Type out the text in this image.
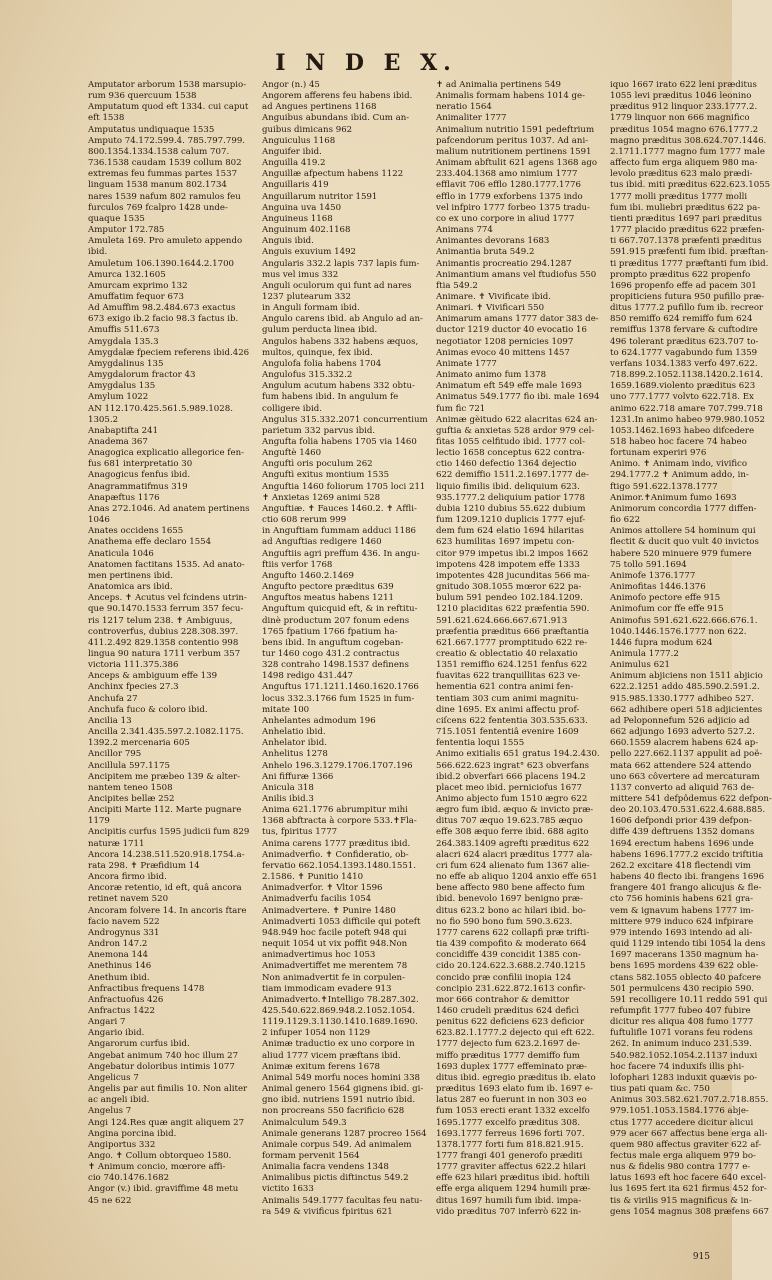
I N D E X.
Amputator arborum 1538 marsupio-
rum 936 quercuum 1538
Amputatum quod eft 1334. cui caput
eft 1538
Amputatus undiquaque 1535
Amputo 74.172.599.4. 785.797.799.
800.1354.1334.1538 calum 707.
736.1538 caudam 1539 collum 802
extremas feu fummas partes 1537
linguam 1538 manum 802.1734
nares 1539 nafum 802 ramulos feu
furculos 769 fcalpro 1428 unde-
quaque 1535
Amputor 172.785
Amuleta 169. Pro amuleto appendo
ibid.
Amuletum 106.1390.1644.2.1700
Amurca 132.1605
Amurcam exprimo 132
Amuffatim fequor 673
Ad Amuffim 98.2.484.673 exactus
673 exigo ib.2 facio 98.3 factus ib.
Amuffis 511.673
Amygdala 135.3
Amygdalæ fpeciem referens ibid.426
Amygdalinus 135
Amygdalorum fractor 43
Amygdalus 135
Amylum 1022
AN 112.170.425.561.5.989.1028.
1305.2
Anabaptifta 241
Anadema 367
Anagogica explicatio allegorice fen-
fus 681 interpretatio 30
Anagogicus fenfus ibid.
Anagrammatifmus 319
Anapæftus 1176
Anas 272.1046. Ad anatem pertinens
1046
Anates occidens 1655
Anathema effe declaro 1554
Anaticula 1046
Anatomen factitans 1535. Ad anato-
men pertinens ibid.
Anatomica ars ibid.
Anceps. ✝ Acutus vel fcindens utrin-
que 90.1470.1533 ferrum 357 fecu-
ris 1217 telum 238. ✝ Ambiguus,
controverfus, dubius 228.308.397.
411.2.492 829.1358 contentio 998
lingua 90 natura 1711 verbum 357
victoria 111.375.386
Anceps & ambiguum effe 139
Anchinx fpecies 27.3
Anchufa 27
Anchufa fuco & coloro ibid.
Ancilia 13
Ancilla 2.341.435.597.2.1082.1175.
1392.2 mercenaria 605
Ancillor 795
Ancillula 597.1175
Ancipitem me præbeo 139 & alter-
nantem teneo 1508
Ancipites bellæ 252
Ancipiti Marte 112. Marte pugnare
1179
Ancipitis curfus 1595 judicii fum 829
naturæ 1711
Ancora 14.238.511.520.918.1754.a-
rata 298. ✝ Præfidium 14
Ancora firmo ibid.
Ancoræ retentio, id eft, quâ ancora
retinet navem 520
Ancoram folvere 14. In ancoris ftare
facio navem 522
Androgynus 331
Andron 147.2
Anemona 144
Anethinus 146
Anethum ibid.
Anfractibus frequens 1478
Anfractuofus 426
Anfractus 1422
Angari 7
Angario ibid.
Angarorum curfus ibid.
Angebat animum 740 hoc illum 27
Angebatur doloribus intimis 1077
Angelicus 7
Angelis par aut fimilis 10. Non aliter
ac angeli ibid.
Angelus 7
Angi 124.Res quæ angit aliquem 27
Angina porcina ibid.
Angiportus 332
Ango. ✝ Collum obtorqueo 1580.
✝ Animum concio, mœrore affi-
cio 740.1476.1682
Angor (v.) ibid. graviffime 48 metu
45 ne 622
Angor (n.) 45
Angorem afferens feu habens ibid.
ad Angues pertinens 1168
Anguibus abundans ibid. Cum an-
guibus dimicans 962
Anguiculus 1168
Anguifer ibid.
Anguilla 419.2
Anguillæ afpectum habens 1122
Anguillaris 419
Anguillarum nutritor 1591
Anguina uva 1450
Anguineus 1168
Anguinum 402.1168
Anguis ibid.
Anguis exuvium 1492
Angularis 332.2 lapis 737 lapis fum-
mus vel imus 332
Anguli oculorum qui funt ad nares
1237 plutearum 332
in Anguli formam ibid.
Angulo carens ibid. ab Angulo ad an-
gulum perducta linea ibid.
Angulos habens 332 habens æquos,
multos, quinque, fex ibid.
Angulofa folia habens 1704
Angulofus 315.332.2
Angulum acutum habens 332 obtu-
fum habens ibid. In angulum fe
colligere ibid.
Angulus 315.332.2071 concurrentium
parietum 332 parvus ibid.
Angufta folia habens 1705 via 1460
Anguftè 1460
Anguftì oris poculum 262
Anguftì exitus montium 1535
Anguftia 1460 foliorum 1705 loci 211
✝ Anxietas 1269 animi 528
Anguftiæ. ✝ Fauces 1460.2. ✝ Affli-
ctio 608 rerum 999
in Anguftiam fummam adduci 1186
ad Anguftias redigere 1460
Anguftiis agri preffum 436. In angu-
ftiis verfor 1768
Angufto 1460.2.1469
Angufto pectore præditus 639
Anguftos meatus habens 1211
Anguftum quicquid eft, & in reftitu-
dinè productum 207 fonum edens
1765 fpatium 1766 fpatium ha-
bens ibid. In anguftum cogeban-
tur 1460 cogo 431.2 contractus
328 contraho 1498.1537 definens
1498 redigo 431.447
Anguftus 171.1211.1460.1620.1766
locus 332.3.1766 fum 1525 in fum-
mitate 100
Anhelantes admodum 196
Anhelatio ibid.
Anhelator ibid.
Anhelitus 1278
Anhelo 196.3.1279.1706.1707.196
Ani fiffuræ 1366
Anicula 318
Anilis ibid.3
Anima 621.1776 abrumpitur mihi
1368 abftracta à corpore 533.✝Fla-
tus, fpiritus 1777
Anima carens 1777 præditus ibid.
Animadverfio. ✝ Confideratio, ob-
fervatio 662.1054.1393.1480.1551.
2.1586. ✝ Punitio 1410
Animadverfor. ✝ Vltor 1596
Animadverfu facilis 1054
Animadvertere. ✝ Punire 1480
Animadverti 1053 difficile qui poteft
948.949 hoc facile poteft 948 qui
nequit 1054 ut vix poffit 948.Non
animadvertimus hoc 1053
Animadvertiffet me merentem 78
Non animadvertit fe in corpulen-
tiam immodicam evadere 913
Animadverto.✝Intelligo 78.287.302.
425.540.622.869.948.2.1052.1054.
1119.1129.3.1130.1410.1689.1690.
2 infuper 1054 non 1129
Animæ traductio ex uno corpore in
aliud 1777 vicem præftans ibid.
Animæ exitum ferens 1678
Animal 549 morfu noces homini 338
Animal genero 1564 gignens ibid. gi-
gno ibid. nutriens 1591 nutrio ibid.
non procreans 550 facrificio 628
Animalculum 549.3
Animale generans 1287 procreo 1564
Animale corpus 549. Ad animalem
formam pervenit 1564
Animalia facra vendens 1348
Animalibus pictis diftinctus 549.2
victito 1633
Animalis 549.1777 facultas feu natu-
ra 549 & vivificus fpiritus 621
✝ ad Animalia pertinens 549
Animalis formam habens 1014 ge-
neratio 1564
Animaliter 1777
Animalium nutritio 1591 pedeftrium
pafcendorum peritus 1037. Ad ani-
malium nutritionem pertinens 1591
Animam abftulit 621 agens 1368 ago
233.404.1368 amo nimium 1777
efflavit 706 efflo 1280.1777.1776
efflo in 1779 exforbens 1375 indo
vel infpiro 1777 forbeo 1375 tradu-
co ex uno corpore in aliud 1777
Animans 774
Animantes devorans 1683
Animantia bruta 549.2
Animantis procreatio 294.1287
Animantium amans vel ftudiofus 550
ftia 549.2
Animare. ✝ Vivificate ibid.
Animari. ✝ Vivificari 550
Animarum amans 1777 dator 383 de-
ductor 1219 ductor 40 evocatio 16
negotiator 1208 pernicies 1097
Animas evoco 40 mittens 1457
Animate 1777
Animato animo fum 1378
Animatum eft 549 effe male 1693
Animatus 549.1777 fio ibi. male 1694
fum fic 721
Animæ gèitudo 622 alacritas 624 an-
guftia & anxietas 528 ardor 979 cel-
fitas 1055 celfitudo ibid. 1777 col-
lectio 1658 conceptus 622 contra-
ctio 1460 defectio 1364 dejectio
622 demiffio 1511.2.1697.1777 de-
liquio fimilis ibid. deliquium 623.
935.1777.2 deliquium patior 1778
dubia 1210 dubius 55.622 dubium
fum 1209.1210 duplicis 1777 ejuf-
dem fum 624 elatio 1694 hilaritas
623 humilitas 1697 impetu con-
citor 979 impetus ibi.2 impos 1662
impotens 428 impotem effe 1333
impotentes 428 jucunditas 566 ma-
gnitudo 308.1055 mœror 622 pa-
bulum 591 pendeo 102.184.1209.
1210 placiditas 622 præfentia 590.
591.621.624.666.667.671.913
præfentia præditus 666 præftantia
621.667.1777 promptitudo 622 re-
creatio & oblectatio 40 relaxatio
1351 remiffio 624.1251 fenfus 622
fuavitas 622 tranquillitas 623 ve-
hementia 621 contra animi fen-
tentiam 303 cum animi magnitu-
dine 1695. Ex animi affectu prof-
ciſcens 622 fententia 303.535.633.
715.1051 fententiâ evenire 1609
fententia loqui 1555
Animo exitialis 651 gratus 194.2.430.
566.622.623 ingrat° 623 obverfans
ibid.2 obverfari 666 placens 194.2
placet meo ibid. perniciofus 1677
Animo abjecto fum 1510 ægro 622
ægro fum ibid. æquo & invicto præ-
ditus 707 æquo 19.623.785 æquo
effe 308 æquo ferre ibid. 688 agito
264.383.1409 agrefti præditus 622
alacri 624 alacri præditus 1777 ala-
cri fum 624 alienato fum 1367 alie-
no effe ab aliquo 1204 anxio effe 651
bene affecto 980 bene affecto fum
ibid. benevolo 1697 benigno præ-
ditus 623.2 bono ac hilari ibid. bo-
no fio 590 bono fum 590.3.623.
1777 carens 622 collapfi præ trifti-
tia 439 compofito & moderato 664
concidiffe 439 concidit 1385 con-
cido 20.124.622.3.688.2.740.1215
concido præ confilii inopia 124
concipio 231.622.872.1613 confir-
mor 666 contrahor & demittor
1460 crudeli præditus 624 deficì
penitus 622 deficiens 623 deficior
623.82.1.1777.2 dejecto qui eft 622.
1777 dejecto fum 623.2.1697 de-
miffo præditus 1777 demiffo fum
1693 duplex 1777 effeminato præ-
ditus ibid. egregio præditus ib. elato
præditus 1693 elato fum ib. 1697 e-
latus 287 eo fuerunt in non 303 eo
fum 1053 erecti erant 1332 excelfo
1695.1777 excelfo præditus 308.
1693.1777 ferreus 1696 forti 707.
1378.1777 forti fum 818.821.915.
1777 frangi 401 generofo præditi
1777 graviter affectus 622.2 hilari
effe 623 hilari præditus ibid. hoftili
effe erga aliquem 1294 humili præ-
ditus 1697 humili fum ibid. impa-
vido præditus 707 inferrò 622 in-
iquo 1667 irato 622 leni præditus
1055 levi præditus 1046 leonino
præditus 912 linquor 233.1777.2.
1779 linquor non 666 magnifico
præditus 1054 magno 676.1777.2
magno præditus 308.624.707.1446.
2.1711.1777 magno fum 1777 male
affecto fum erga aliquem 980 ma-
levolo præditus 623 malo prædi-
tus ibid. miti præditus 622.623.1055
1777 molli præditus 1777 molli
fum ibi. muliebri præditus 622 pa-
tienti præditus 1697 pari præditus
1777 placido præditus 622 præfen-
ti 667.707.1378 præfenti præditus
591.915 præfenti fum ibid. præftan-
ti præditus 1777 præftanti fum ibid.
prompto præditus 622 propenfo
1696 propenfo effe ad pacem 301
propiticiens futura 950 pufillo præ-
ditus 1777.2 pufillo fum ib. recreor
850 remiffo 624 remiffo fum 624
remiffus 1378 fervare & cuftodire
496 tolerant præditus 623.707 to-
to 624.1777 vagabundo fum 1359
verfans 1034.1383 verfo 497.622.
718.899.2.1052.1138.1420.2.1614.
1659.1689.violento præditus 623
uno 777.1777 volvto 622.718. Ex
animo 622.718 amare 707.799.718
1231.In animo habeo 979.980.1052
1053.1462.1693 habeo difcedere
518 habeo hoc facere 74 habeo
fortunam experiri 976
Animo. ✝ Animam indo, vivifico
294.1777.2 ✝ Animum addo, in-
ftigo 591.622.1378.1777
Animor.✝Animum fumo 1693
Animorum concordia 1777 diffen-
fio 622
Animos attollere 54 hominum qui
flectit & ducit quo vult 40 invictos
habere 520 minuere 979 fumere
75 tollo 591.1694
Animofe 1376.1777
Animofitas 1446.1376
Animofo pectore effe 915
Animofum cor ffe effe 915
Animofus 591.621.622.666.676.1.
1040.1446.1576.1777 non 622.
1446 fupra modum 624
Animula 1777.2
Animulus 621
Animum abjiciens non 1511 abjicio
622.2.1251 addo 485.590.2.591.2.
915.985.1330.1777 adhibeo 527.
662 adhibere operi 518 adjicientes
ad Peloponnefum 526 adjicio ad
662 adjungo 1693 adverto 527.2.
660.1559 alacrem habens 624 ap-
pello 227.662.1137 appulit ad poë-
mata 662 attendere 524 attendo
uno 663 côvertere ad mercaturam
1137 converto ad aliquid 763 de-
mittere 541 defpôdemus 622 defpon-
deo 20.103.470.531.622.4.688.885.
1606 defpondi prior 439 defpon-
diffe 439 deftruens 1352 domans
1694 erectum habens 1696 unde
habens 1696.1777.2 excido triftitia
262.2 excitare 418 flectendi vim
habens 40 flecto ibi. frangens 1696
frangere 401 frango alicujus & fle-
cto 756 hominis habens 621 gra-
vem & ignavum habens 1777 im-
mittere 979 induco 624 infpirare
979 intendo 1693 intendo ad ali-
quid 1129 intendo tibi 1054 la dens
1697 macerans 1350 magnum ha-
bens 1695 mordens 439 622 oble-
ctans 582.1055 oblecto 40 pafcere
501 permulcens 430 recipio 590.
591 recolligere 10.11 reddo 591 qui
refumpfit 1777 fubeo 407 fubire
dicitur res aliqua 408 fumo 1777
fuftulifle 1071 vorans feu rodens
262. In animum induco 231.539.
540.982.1052.1054.2.1137 induxi
hoc facere 74 induxifs illis phi-
lofophari 1283 induxit quævis po-
tius pati quam &c. 750
Animus 303.582.621.707.2.718.855.
979.1051.1053.1584.1776 abje-
ctus 1777 accedere dicitur alicui
979 acer 667 affectus bene erga ali-
quem 980 affectus graviter 622 af-
fectus male erga aliquem 979 bo-
nus & fidelis 980 contra 1777 e-
latus 1693 eft hoc facere 640 excel-
lus 1695 fert ita 621 firmus 452 for-
tis & virilis 915 magnificus & in-
gens 1054 magnus 308 præfens 667
915
